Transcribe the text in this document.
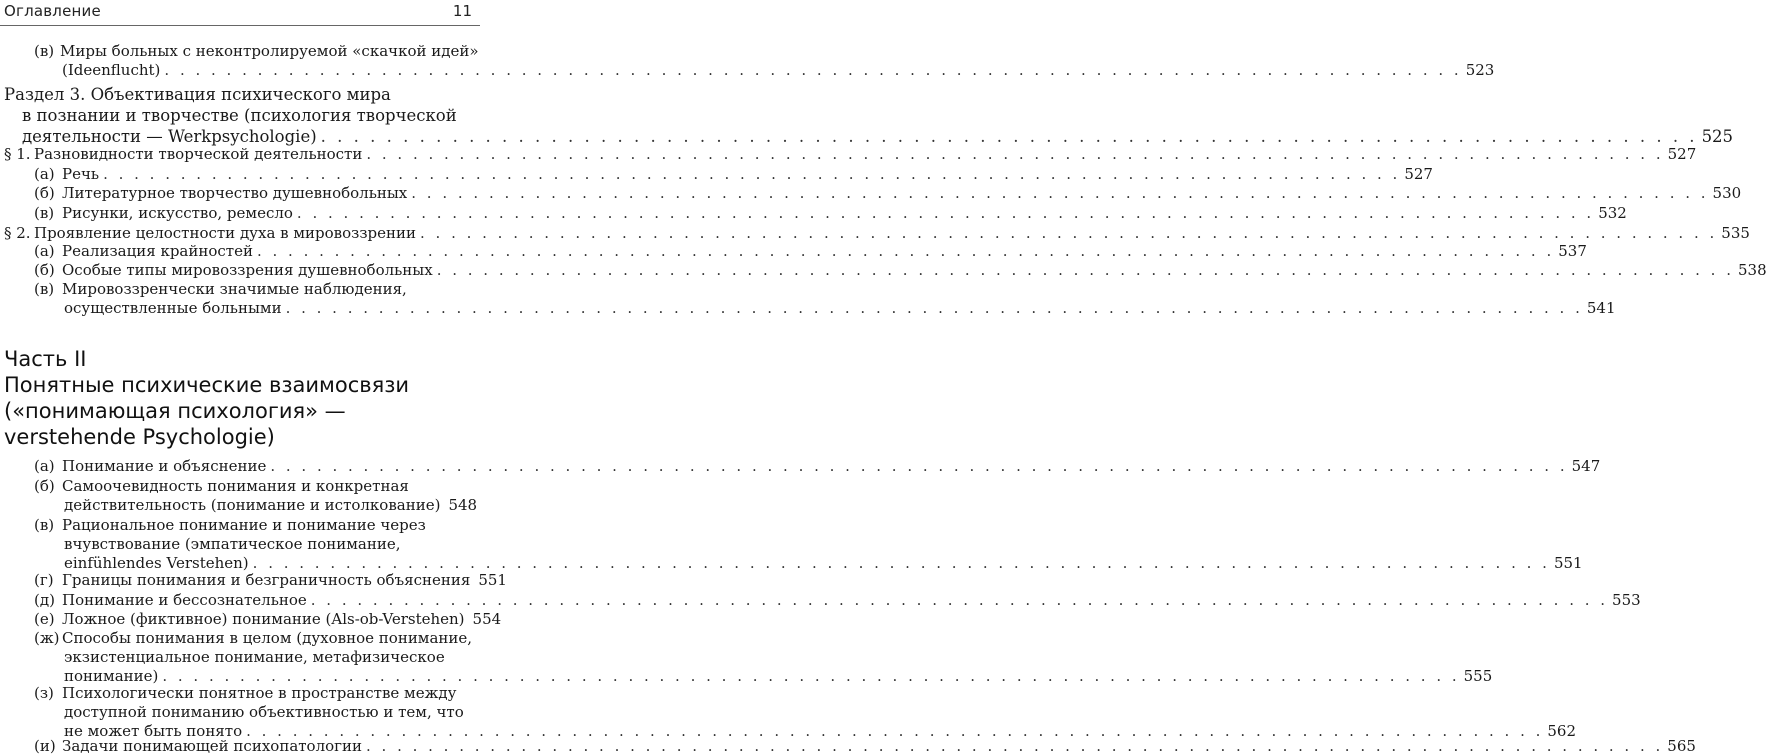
Оглавление	11
(в) Миры больных с неконтролируемой «скачкой идей»
(Ideenflucht) . . .	523
Раздел 3. Объективация психического мира
в познании и творчестве (психология творческой
деятельности — Werkpsychologie) . . .	525
§ 1. Разновидности творческой деятельности . . .	527
(а) Речь . . .	527
(б) Литературное творчество душевнобольных . . .	530
(в) Рисунки, искусство, ремесло . . .	532
§ 2. Проявление целостности духа в мировоззрении . . .	535
(а) Реализация крайностей . . .	537
(б) Особые типы мировоззрения душевнобольных . . .	538
(в) Мировоззренчески значимые наблюдения,
осуществленные больными . . .	541
Часть II
Понятные психические взаимосвязи
(«понимающая психология» —
verstehende Psychologie)
(а) Понимание и объяснение . . .	547
(б) Самоочевидность понимания и конкретная
действительность (понимание и истолкование) 548
(в) Рациональное понимание и понимание через
вчувствование (эмпатическое понимание,
einfühlendes Verstehen) . . .	551
(г) Границы понимания и безграничность объяснения 551
(д) Понимание и бессознательное . . .	553
(е) Ложное (фиктивное) понимание (Als-ob-Verstehen) 554
(ж) Способы понимания в целом (духовное понимание,
экзистенциальное понимание, метафизическое
понимание) . . .	555
(з) Психологически понятное в пространстве между
доступной пониманию объективностью и тем, что
не может быть понято . . .	562
(и) Задачи понимающей психопатологии . . .	565
